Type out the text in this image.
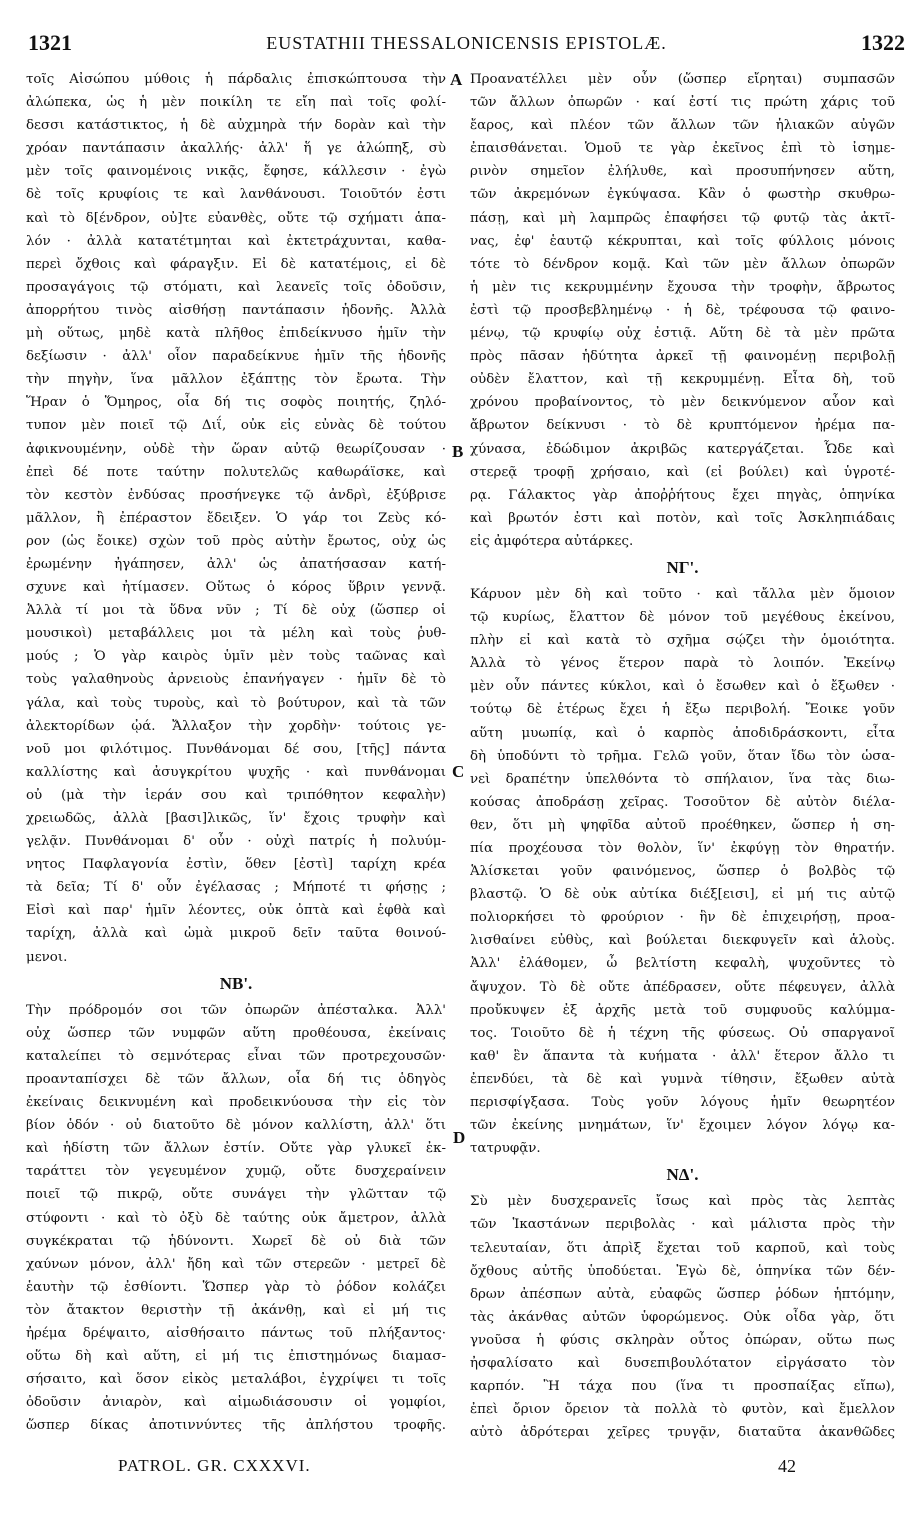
1321	EUSTATHII THESSALONICENSIS EPISTOLÆ.	1322
A
B
C
D
τοῖς Αἰσώπου μύθοις ἡ πάρδαλις ἐπισκώπτουσα τὴν
ἀλώπεκα, ὡς ἡ μὲν ποικίλη τε εἴη παὶ τοῖς φολί-
δεσσι κατάστικτος, ἡ δὲ αὐχμηρὰ τήν δορὰν καὶ τὴν
χρόαν παντάπασιν ἀκαλλής· ἀλλ' ἥ γε ἀλώπηξ, σὺ
μὲν τοῖς φαινομένοις νικᾷς, ἔφησε, κάλλεσιν · ἐγὼ
δὲ τοῖς κρυφίοις τε καὶ λανθάνουσι. Τοιοῦτόν ἐστι
καὶ τὸ δ[ένδρον, οὐ]τε εὐανθὲς, οὔτε τῷ σχήματι ἁπα-
λόν · ἀλλὰ κατατέτμηται καὶ ἐκτετράχυνται, καθα-
περεὶ ὄχθοις καὶ φάραγξιν. Εἰ δὲ κατατέμοις, εἰ δὲ
προσαγάγοις τῷ στόματι, καὶ λεανεῖς τοῖς ὀδοῦσιν,
ἀπορρήτου τινὸς αἰσθήσῃ παντάπασιν ἡδονῆς. Ἀλλὰ
μὴ οὕτως, μηδὲ κατὰ πλῆθος ἐπιδείκνυσο ἡμῖν τὴν
δεξίωσιν · ἀλλ' οἷον παραδείκνυε ἡμῖν τῆς ἡδονῆς
τὴν πηγὴν, ἵνα μᾶλλον ἐξάπτῃς τὸν ἔρωτα. Τὴν
Ἥραν ὁ Ὅμηρος, οἷα δή τις σοφὸς ποιητής, ζηλό-
τυπον μὲν ποιεῖ τῷ Διΐ, οὐκ εἰς εὐνὰς δὲ τούτου
ἀφικνουμένην, οὐδὲ τὴν ὥραν αὐτῷ θεωρίζουσαν ·
ἐπεὶ δέ ποτε ταύτην πολυτελῶς καθωράϊσκε, καὶ
τὸν κεστὸν ἐνδύσας προσήνεγκε τῷ ἀνδρὶ, ἐξύβρισε
μᾶλλον, ἢ ἐπέραστον ἔδειξεν. Ὁ γάρ τοι Ζεὺς κό-
ρον (ὡς ἔοικε) σχὼν τοῦ πρὸς αὐτὴν ἔρωτος, οὐχ ὡς
ἐρωμένην ἠγάπησεν, ἀλλ' ὡς ἀπατήσασαν κατή-
σχυνε καὶ ἠτίμασεν. Οὕτως ὁ κόρος ὕβριν γεννᾷ.
Ἀλλὰ τί μοι τὰ ὕδνα νῦν ; Τί δὲ οὐχ (ὥσπερ οἱ
μουσικοὶ) μεταβάλλεις μοι τὰ μέλη καὶ τοὺς ῥυθ-
μούς ; Ὁ γὰρ καιρὸς ὑμῖν μὲν τοὺς ταῶνας καὶ
τοὺς γαλαθηνοὺς ἀρνειοὺς ἐπανήγαγεν · ἡμῖν δὲ τὸ
γάλα, καὶ τοὺς τυροὺς, καὶ τὸ βούτυρον, καὶ τὰ τῶν
ἀλεκτορίδων ᾠά. Ἄλλαξον τὴν χορδὴν· τούτοις γε-
νοῦ μοι φιλότιμος. Πυνθάνομαι δέ σου, [τῆς] πάντα
καλλίστης καὶ ἀσυγκρίτου ψυχῆς · καὶ πυνθάνομαι
οὐ (μὰ τὴν ἱεράν σου καὶ τριπόθητον κεφαλὴν)
χρειωδῶς, ἀλλὰ [βασι]λικῶς, ἵν' ἔχοις τρυφὴν καὶ
γελᾷν. Πυνθάνομαι δ' οὖν · οὐχὶ πατρίς ἡ πολυύμ-
νητος Παφλαγονία ἐστὶν, ὅθεν [ἐστὶ] ταρίχη κρέα
τὰ δεῖα; Τί δ' οὖν ἐγέλασας ; Μήποτέ τι φήσῃς ;
Εἰσὶ καὶ παρ' ἡμῖν λέοντες, οὐκ ὀπτὰ καὶ ἑφθὰ καὶ
ταρίχη, ἀλλὰ καὶ ὠμὰ μικροῦ δεῖν ταῦτα θοινού-
μενοι.
NB'.
Τὴν πρόδρομόν σοι τῶν ὀπωρῶν ἀπέσταλκα. Ἀλλ'
οὐχ ὥσπερ τῶν νυμφῶν αὕτη προθέουσα, ἐκείναις
καταλείπει τὸ σεμνότερας εἶναι τῶν προτρεχουσῶν·
προανταπίσχει δὲ τῶν ἄλλων, οἷα δή τις ὁδηγὸς
ἐκείναις δεικνυμένη καὶ προδεικνύουσα τὴν εἰς τὸν
βίον ὁδόν · οὐ διατοῦτο δὲ μόνον καλλίστη, ἀλλ' ὅτι
καὶ ἡδίστη τῶν ἄλλων ἐστίν. Οὔτε γὰρ γλυκεῖ ἐκ-
ταράττει τὸν γεγευμένον χυμῷ, οὔτε δυσχεραίνειν
ποιεῖ τῷ πικρῷ, οὔτε συνάγει τὴν γλῶτταν τῷ
στύφοντι · καὶ τὸ ὀξὺ δὲ ταύτης οὐκ ἄμετρον, ἀλλὰ
συγκέκραται τῷ ἡδύνοντι. Χωρεῖ δὲ οὐ διὰ τῶν
χαύνων μόνον, ἀλλ' ἤδη καὶ τῶν στερεῶν · μετρεῖ δὲ
ἑαυτὴν τῷ ἐσθίοντι. Ὥσπερ γὰρ τὸ ῥόδον κολάζει
τὸν ἄτακτον θεριστὴν τῇ ἀκάνθῃ, καὶ εἰ μή τις
ἠρέμα δρέψαιτο, αἰσθήσαιτο πάντως τοῦ πλήξαντος·
οὕτω δὴ καὶ αὕτη, εἰ μή τις ἐπιστημόνως διαμασ-
σήσαιτο, καὶ ὅσον εἰκὸς μεταλάβοι, ἐγχρίψει τι τοῖς
ὀδοῦσιν ἀνιαρὸν, καὶ αἱμωδιάσουσιν οἱ γομφίοι,
ὥσπερ δίκας ἀποτιννύντες τῆς ἀπλήστου τροφῆς.
Προανατέλλει μὲν οὖν (ὥσπερ εἴρηται) συμπασῶν
τῶν ἄλλων ὀπωρῶν · καί ἐστί τις πρώτη χάρις τοῦ
ἔαρος, καὶ πλέον τῶν ἄλλων τῶν ἡλιακῶν αὐγῶν
ἐπαισθάνεται. Ὁμοῦ τε γὰρ ἐκεῖνος ἐπὶ τὸ ἰσημε-
ρινὸν σημεῖον ἐλήλυθε, καὶ προσυπήνησεν αὕτη,
τῶν ἀκρεμόνων ἐγκύψασα. Κἂν ὁ φωστὴρ σκυθρω-
πάσῃ, καὶ μὴ λαμπρῶς ἐπαφήσει τῷ φυτῷ τὰς ἀκτῖ-
νας, ἐφ' ἑαυτῷ κέκρυπται, καὶ τοῖς φύλλοις μόνοις
τότε τὸ δένδρον κομᾷ. Καὶ τῶν μὲν ἄλλων ὀπωρῶν
ἡ μὲν τις κεκρυμμένην ἔχουσα τὴν τροφὴν, ἄβρωτος
ἐστὶ τῷ προσβεβλημένῳ · ἡ δὲ, τρέφουσα τῷ φαινο-
μένῳ, τῷ κρυφίῳ οὐχ ἐστιᾷ. Αὕτη δὲ τὰ μὲν πρῶτα
πρὸς πᾶσαν ἡδύτητα ἀρκεῖ τῇ φαινομένῃ περιβολῇ
οὐδὲν ἔλαττον, καὶ τῇ κεκρυμμένῃ. Εἶτα δὴ, τοῦ
χρόνου προβαίνοντος, τὸ μὲν δεικνύμενον αὖον καὶ
ἄβρωτον δείκνυσι · τὸ δὲ κρυπτόμενον ἠρέμα πα-
χύνασα, ἐδώδιμον ἀκριβῶς κατεργάζεται. Ὧδε καὶ
στερεᾷ τροφῇ χρήσαιο, καὶ (εἰ βούλει) καὶ ὑγροτέ-
ρᾳ. Γάλακτος γὰρ ἀποῤῥήτους ἔχει πηγὰς, ὁπηνίκα
καὶ βρωτόν ἐστι καὶ ποτὸν, καὶ τοῖς Ἀσκληπιάδαις
εἰς ἀμφότερα αὐτάρκες.
NΓ'.
Κάρυον μὲν δὴ καὶ τοῦτο · καὶ τἄλλα μὲν ὅμοιον
τῷ κυρίως, ἔλαττον δὲ μόνον τοῦ μεγέθους ἐκείνου,
πλὴν εἰ καὶ κατὰ τὸ σχῆμα σῴζει τὴν ὁμοιότητα.
Ἀλλὰ τὸ γένος ἕτερον παρὰ τὸ λοιπόν. Ἐκείνῳ
μὲν οὖν πάντες κύκλοι, καὶ ὁ ἔσωθεν καὶ ὁ ἔξωθεν ·
τούτῳ δὲ ἑτέρως ἔχει ἡ ἔξω περιβολή. Ἔοικε γοῦν
αὕτη μυωπίᾳ, καὶ ὁ καρπὸς ἀποδιδράσκοντι, εἶτα
δὴ ὑποδύντι τὸ τρῆμα. Γελῶ γοῦν, ὅταν ἴδω τὸν ὡσα-
νεὶ δραπέτην ὑπελθόντα τὸ σπήλαιον, ἵνα τὰς διω-
κούσας ἀποδράσῃ χεῖρας. Τοσοῦτον δὲ αὐτὸν διέλα-
θεν, ὅτι μὴ ψηφῖδα αὐτοῦ προέθηκεν, ὥσπερ ἡ ση-
πία προχέουσα τὸν θολὸν, ἵν' ἐκφύγῃ τὸν θηρατήν.
Ἁλίσκεται γοῦν φαινόμενος, ὥσπερ ὁ βολβὸς τῷ
βλαστῷ. Ὁ δὲ οὐκ αὐτίκα διέξ[εισι], εἰ μή τις αὐτῷ
πολιορκήσει τὸ φρούριον · ἣν δὲ ἐπιχειρήσῃ, προα-
λισθαίνει εὐθὺς, καὶ βούλεται διεκφυγεῖν καὶ ἁλοὺς.
Ἀλλ' ἐλάθομεν, ὦ βελτίστη κεφαλὴ, ψυχοῦντες τὸ
ἄψυχον. Τὸ δὲ οὔτε ἀπέδρασεν, οὔτε πέφευγεν, ἀλλὰ
προὔκυψεν ἐξ ἀρχῆς μετὰ τοῦ συμφυοῦς καλύμμα-
τος. Τοιοῦτο δὲ ἡ τέχνη τῆς φύσεως. Οὐ σπαργανοῖ
καθ' ἓν ἅπαντα τὰ κυήματα · ἀλλ' ἕτερον ἄλλο τι
ἐπενδύει, τὰ δὲ καὶ γυμνὰ τίθησιν, ἔξωθεν αὐτὰ
περισφίγξασα. Τοὺς γοῦν λόγους ἡμῖν θεωρητέον
τῶν ἐκείνης μνημάτων, ἵν' ἔχοιμεν λόγον λόγῳ κα-
τατρυφᾷν.
NΔ'.
Σὺ μὲν δυσχερανεῖς ἴσως καὶ πρὸς τὰς λεπτὰς
τῶν Ἱκαστάνων περιβολὰς · καὶ μάλιστα πρὸς τὴν
τελευταίαν, ὅτι ἀπρὶξ ἔχεται τοῦ καρποῦ, καὶ τοὺς
ὄχθους αὐτῆς ὑποδύεται. Ἐγὼ δὲ, ὁπηνίκα τῶν δέν-
δρων ἀπέσπων αὐτὰ, εὐαφῶς ὥσπερ ῥόδων ἡπτόμην,
τὰς ἀκάνθας αὐτῶν ὑφορώμενος. Οὐκ οἶδα γὰρ, ὅτι
γνοῦσα ἡ φύσις σκληρὰν οὖτος ὀπώραν, οὕτω πως
ἠσφαλίσατο καὶ δυσεπιβουλότατον εἰργάσατο τὸν
καρπόν. Ἢ τάχα που (ἵνα τι προσπαίξας εἴπω),
ἐπεὶ ὄριον ὄρειον τὰ πολλὰ τὸ φυτὸν, καὶ ἔμελλον
αὐτὸ ἀδρότεραι χεῖρες τρυγᾷν, διαταῦτα ἀκανθῶδες
PATROL. GR. CXXXVI.	42
